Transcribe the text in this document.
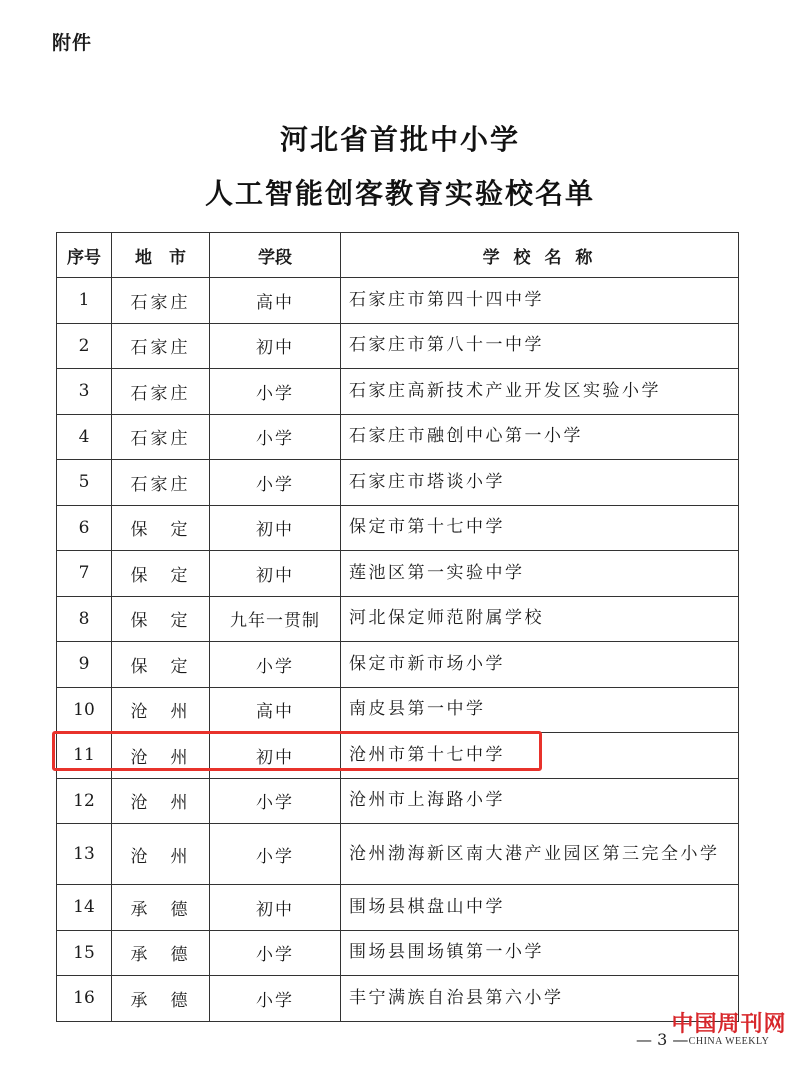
附件
河北省首批中小学
人工智能创客教育实验校名单
序号	地　市	学段	学 校 名 称
1	石家庄	高中	石家庄市第四十四中学
2	石家庄	初中	石家庄市第八十一中学
3	石家庄	小学	石家庄高新技术产业开发区实验小学
4	石家庄	小学	石家庄市融创中心第一小学
5	石家庄	小学	石家庄市塔谈小学
6	保　定	初中	保定市第十七中学
7	保　定	初中	莲池区第一实验中学
8	保　定	九年一贯制	河北保定师范附属学校
9	保　定	小学	保定市新市场小学
10	沧　州	高中	南皮县第一中学
11	沧　州	初中	沧州市第十七中学
12	沧　州	小学	沧州市上海路小学
13	沧　州	小学	沧州渤海新区南大港产业园区第三完全小学
14	承　德	初中	围场县棋盘山中学
15	承　德	小学	围场县围场镇第一小学
16	承　德	小学	丰宁满族自治县第六小学
— 3 —
中国周刊网
CHINA WEEKLY
